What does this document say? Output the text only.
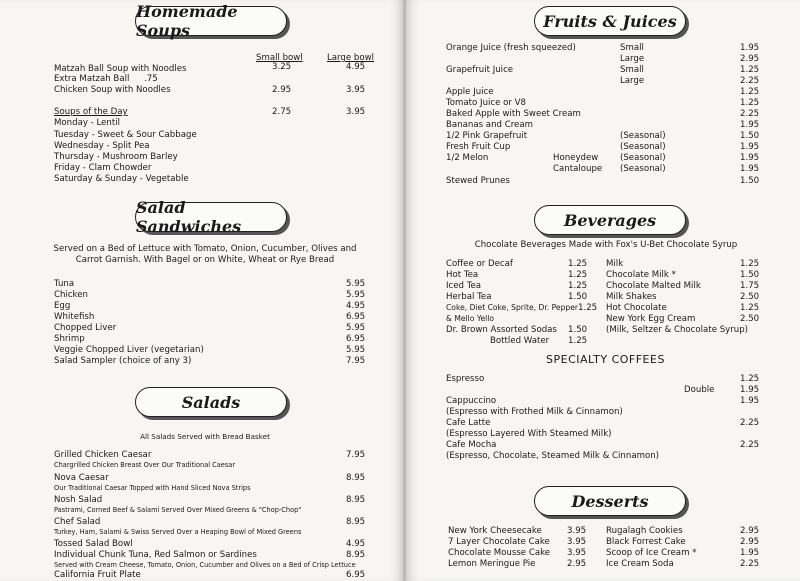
Homemade Soups
Small bowl	Large bowl
Matzah Ball Soup with Noodles	3.25	4.95
Extra Matzah Ball .75
Chicken Soup with Noodles	2.95	3.95
Soups of the Day	2.75	3.95
Monday - Lentil
Tuesday - Sweet & Sour Cabbage
Wednesday - Split Pea
Thursday - Mushroom Barley
Friday - Clam Chowder
Saturday & Sunday - Vegetable
Salad Sandwiches
Served on a Bed of Lettuce with Tomato, Onion, Cucumber, Olives and
Carrot Garnish. With Bagel or on White, Wheat or Rye Bread
Tuna	5.95
Chicken	5.95
Egg	4.95
Whitefish	6.95
Chopped Liver	5.95
Shrimp	6.95
Veggie Chopped Liver (vegetarian)	5.95
Salad Sampler (choice of any 3)	7.95
Salads
All Salads Served with Bread Basket
Grilled Chicken Caesar	7.95
Chargrilled Chicken Breast Over Our Traditional Caesar
Nova Caesar	8.95
Our Traditional Caesar Topped with Hand Sliced Nova Strips
Nosh Salad	8.95
Pastrami, Corned Beef & Salami Served Over Mixed Greens & "Chop-Chop"
Chef Salad	8.95
Turkey, Ham, Salami & Swiss Served Over a Heaping Bowl of Mixed Greens
Tossed Salad Bowl	4.95
Individual Chunk Tuna, Red Salmon or Sardines	8.95
Served with Cream Cheese, Tomato, Onion, Cucumber and Olives on a Bed of Crisp Lettuce
California Fruit Plate	6.95
Fruits & Juices
Orange Juice (fresh squeezed)	Small	1.95
Large	2.95
Grapefruit Juice	Small	1.25
Large	2.25
Apple Juice	1.25
Tomato Juice or V8	1.25
Baked Apple with Sweet Cream	2.25
Bananas and Cream	1.95
1/2 Pink Grapefruit	(Seasonal)	1.50
Fresh Fruit Cup	(Seasonal)	1.95
1/2 Melon	Honeydew	(Seasonal)	1.95
Cantaloupe (Seasonal)	1.95
Stewed Prunes	1.50
Beverages
Chocolate Beverages Made with Fox's U-Bet Chocolate Syrup
Coffee or Decaf	1.25
Hot Tea	1.25
Iced Tea	1.25
Herbal Tea	1.50
Coke, Diet Coke, Sprite, Dr. Pepper 1.25
& Mello Yello
Dr. Brown Assorted Sodas 1.50
Bottled Water 1.25
Milk	1.25
Chocolate Milk *	1.50
Chocolate Malted Milk	1.75
Milk Shakes	2.50
Hot Chocolate	1.25
New York Egg Cream	2.50
(Milk, Seltzer & Chocolate Syrup)
SPECIALTY COFFEES
Espresso	1.25
Double	1.95
Cappuccino	1.95
(Espresso with Frothed Milk & Cinnamon)
Cafe Latte	2.25
(Espresso Layered With Steamed Milk)
Cafe Mocha	2.25
(Espresso, Chocolate, Steamed Milk & Cinnamon)
Desserts
New York Cheesecake	3.95
7 Layer Chocolate Cake 3.95
Chocolate Mousse Cake 3.95
Lemon Meringue Pie	2.95
Rugalagh Cookies	2.95
Black Forrest Cake	2.95
Scoop of Ice Cream *	1.95
Ice Cream Soda	2.25
